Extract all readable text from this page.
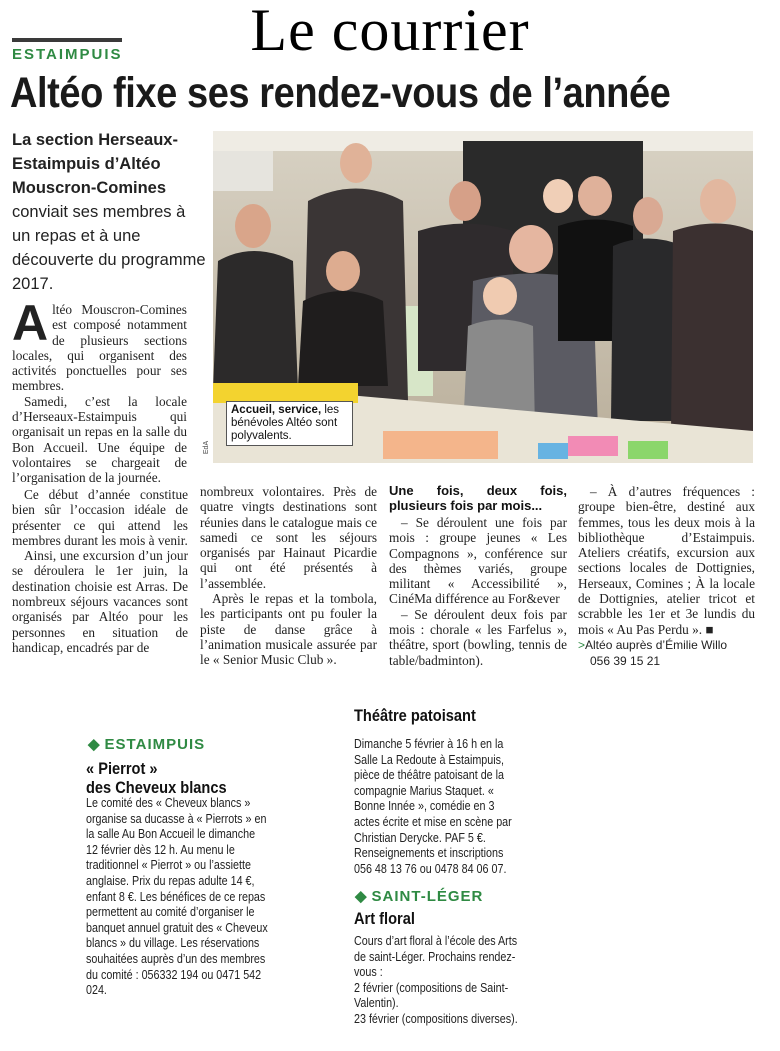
Le courrier
ESTAIMPUIS
Altéo fixe ses rendez-vous de l’année
La section Herseaux-Estaimpuis d’Altéo Mouscron-Comines conviait ses membres à un repas et à une découverte du programme 2017.
Accueil, service, les bénévoles Altéo sont polyvalents.
EdA

Altéo Mouscron-Comines est composé notamment de plusieurs sections locales, qui organisent des activités ponctuelles pour ses membres.

Samedi, c’est la locale d’Herseaux-Estaimpuis qui organisait un repas en la salle du Bon Accueil. Une équipe de volontaires se chargeait de l’organisation de la journée.

Ce début d’année constitue bien sûr l’occasion idéale de présenter ce qui attend les membres durant les mois à venir.

Ainsi, une excursion d’un jour se déroulera le 1er juin, la destination choisie est Arras. De nombreux séjours vacances sont organisés par Altéo pour les personnes en situation de handicap, encadrés par de

nombreux volontaires. Près de quatre vingts destinations sont réunies dans le catalogue mais ce samedi ce sont les séjours organisés par Hainaut Picardie qui ont été présentés à l’assemblée.

Après le repas et la tombola, les participants ont pu fouler la piste de danse grâce à l’animation musicale assurée par le « Senior Music Club ».

Une fois, deux fois, plusieurs fois par mois...

– Se déroulent une fois par mois : groupe jeunes « Les Compagnons », conférence sur des thèmes variés, groupe militant « Accessibilité », CinéMa différence au For&ever

– Se déroulent deux fois par mois : chorale « les Farfelus », théâtre, sport (bowling, tennis de table/badminton).

– À d’autres fréquences : groupe bien-être, destiné aux femmes, tous les deux mois à la bibliothèque d’Estaimpuis. Ateliers créatifs, excursion aux sections locales de Dottignies, Herseaux, Comines ; À la locale de Dottignies, atelier tricot et scrabble les 1er et 3e lundis du mois « Au Pas Perdu ». ■

>Altéo auprès d’Émilie Willo
056 39 15 21
◆ ESTAIMPUIS
« Pierrot »
des Cheveux blancs
Le comité des « Cheveux blancs » organise sa ducasse à « Pierrots » en la salle Au Bon Accueil le dimanche 12 février dès 12 h. Au menu le traditionnel « Pierrot » ou l’assiette anglaise. Prix du repas adulte 14 €, enfant 8 €. Les bénéfices de ce repas permettent au comité d’organiser le banquet annuel gratuit des « Cheveux blancs » du village. Les réservations souhaitées auprès d’un des membres du comité : 056332 194 ou 0471 542 024.
Théâtre patoisant
Dimanche 5 février à 16 h en la Salle La Redoute à Estaimpuis, pièce de théâtre patoisant de la compagnie Marius Staquet. « Bonne Innée », comédie en 3 actes écrite et mise en scène par Christian Derycke. PAF 5 €. Renseignements et inscriptions 056 48 13 76 ou 0478 84 06 07.
◆ SAINT-LÉGER
Art floral
Cours d’art floral à l’école des Arts de saint-Léger. Prochains rendez-vous :
2 février (compositions de Saint-Valentin).
23 février (compositions diverses).
